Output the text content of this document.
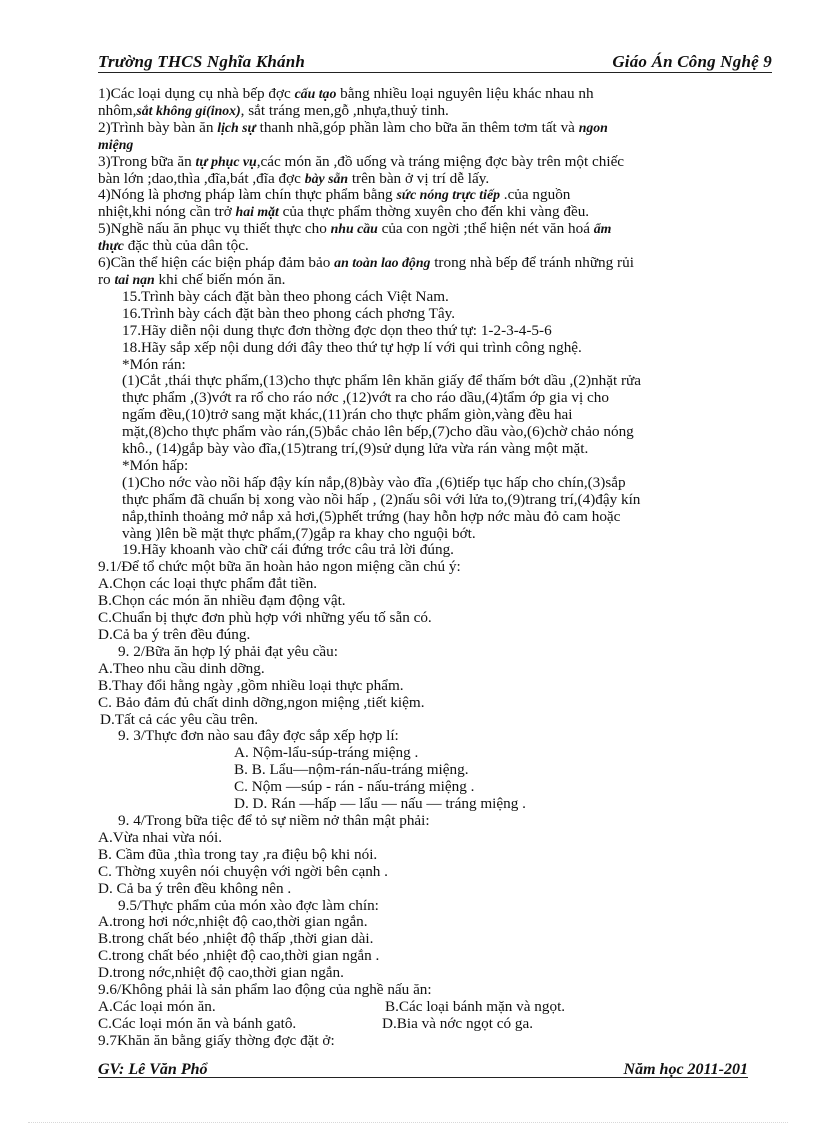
Trường THCS Nghĩa Khánh	Giáo Án Công Nghệ 9

1)Các loại dụng cụ nhà bếp đợc cấu tạo bằng nhiều loại nguyên liệu khác nhau nh

nhôm,sắt không gỉ(inox), sắt tráng men,gỗ ,nhựa,thuỷ tinh.

2)Trình bày bàn ăn lịch sự thanh nhã,góp phần làm cho bữa ăn thêm tơm tất và ngon

miệng

3)Trong bữa ăn tự phục vụ,các món ăn ,đồ uống và tráng miệng đợc bày trên một chiếc

bàn lớn ;dao,thìa ,đĩa,bát ,đĩa đợc bày sẵn trên bàn ở vị trí dễ lấy.

4)Nóng là phơng pháp làm chín thực phẩm bằng sức nóng trực tiếp .của nguồn

nhiệt,khi nóng cần trở hai mặt của thực phẩm thờng xuyên cho đến khi vàng đều.

5)Nghề nấu ăn phục vụ thiết thực cho nhu cầu của con ngời ;thể hiện nét văn hoá ẩm

thực đặc thù của dân tộc.

6)Cần thể hiện các biện pháp đảm bảo an toàn lao động trong nhà bếp để tránh những rủi

ro tai nạn khi chế biến món ăn.

15.Trình bày cách đặt bàn theo phong cách Việt Nam.

16.Trình bày cách đặt bàn theo phong cách phơng Tây.

17.Hãy diễn nội dung thực đơn thờng đợc dọn theo thứ tự: 1-2-3-4-5-6

18.Hãy sắp xếp nội dung dới đây theo thứ tự hợp lí với qui trình công nghệ.

*Món rán:

(1)Cắt ,thái thực phẩm,(13)cho thực phẩm lên khăn giấy để thấm bớt dầu ,(2)nhặt rửa

thực phẩm ,(3)vớt ra rổ cho ráo nớc ,(12)vớt ra cho ráo dầu,(4)tẩm ớp gia vị cho

ngấm đều,(10)trở sang mặt khác,(11)rán cho thực phẩm giòn,vàng đều hai

mặt,(8)cho thực phẩm vào rán,(5)bắc chảo lên bếp,(7)cho dầu vào,(6)chờ chảo nóng

khô., (14)gắp bày vào đĩa,(15)trang trí,(9)sử dụng lửa vừa rán vàng một mặt.

*Món hấp:

(1)Cho nớc vào nồi hấp đậy kín nắp,(8)bày vào đĩa ,(6)tiếp tục hấp cho chín,(3)sắp

thực phẩm đã chuẩn bị xong vào nồi hấp , (2)nấu sôi với lửa to,(9)trang trí,(4)đậy kín

nắp,thỉnh thoảng mở nắp xả hơi,(5)phết trứng (hay hỗn hợp nớc màu đỏ cam hoặc

vàng )lên bề mặt thực phẩm,(7)gắp ra khay cho nguội bớt.

19.Hãy khoanh vào chữ cái đứng trớc câu trả lời đúng.

9.1/Để tổ chức một bữa ăn hoàn hảo ngon miệng cần chú ý:

A.Chọn các loại thực phẩm đắt tiền.

B.Chọn các món ăn nhiều đạm động vật.

C.Chuẩn bị thực đơn phù hợp với những yếu tố sẵn có.

D.Cả ba ý trên đều đúng.

9. 2/Bữa ăn hợp lý phải đạt yêu cầu:

A.Theo nhu cầu dinh dỡng.

B.Thay đổi hằng ngày ,gồm nhiều loại thực phẩm.

C. Bảo đảm đủ chất dinh dỡng,ngon miệng ,tiết kiệm.

D.Tất cả các yêu cầu trên.

9. 3/Thực đơn nào sau đây đợc sắp xếp hợp lí:

A. Nộm-lẩu-súp-tráng miệng .

B. B. Lẩu—nộm-rán-nấu-tráng miệng.

C. Nộm —súp - rán - nấu-tráng miệng .

D. D. Rán —hấp — lẩu — nấu — tráng miệng .

9. 4/Trong bữa tiệc để tỏ sự niềm nở thân mật phải:

A.Vừa nhai vừa nói.

B. Cầm đũa ,thìa trong tay ,ra điệu bộ khi nói.

C. Thờng xuyên nói chuyện với ngời bên cạnh .

D. Cả ba ý trên đều không nên .

9.5/Thực phẩm của món xào đợc làm chín:

A.trong hơi nớc,nhiệt độ cao,thời gian ngắn.

B.trong chất béo ,nhiệt độ thấp ,thời gian dài.

C.trong chất béo ,nhiệt độ cao,thời gian ngắn .

D.trong nớc,nhiệt độ cao,thời gian ngắn.

9.6/Không phải là sản phẩm lao động của nghề nấu ăn:

A.Các loại món ăn.	B.Các loại bánh mặn và ngọt.
C.Các loại món ăn và bánh gatô.	D.Bia và nớc ngọt có ga.

9.7Khăn ăn bằng giấy thờng đợc đặt ở:

GV: Lê Văn Phổ	Năm học 2011-201
